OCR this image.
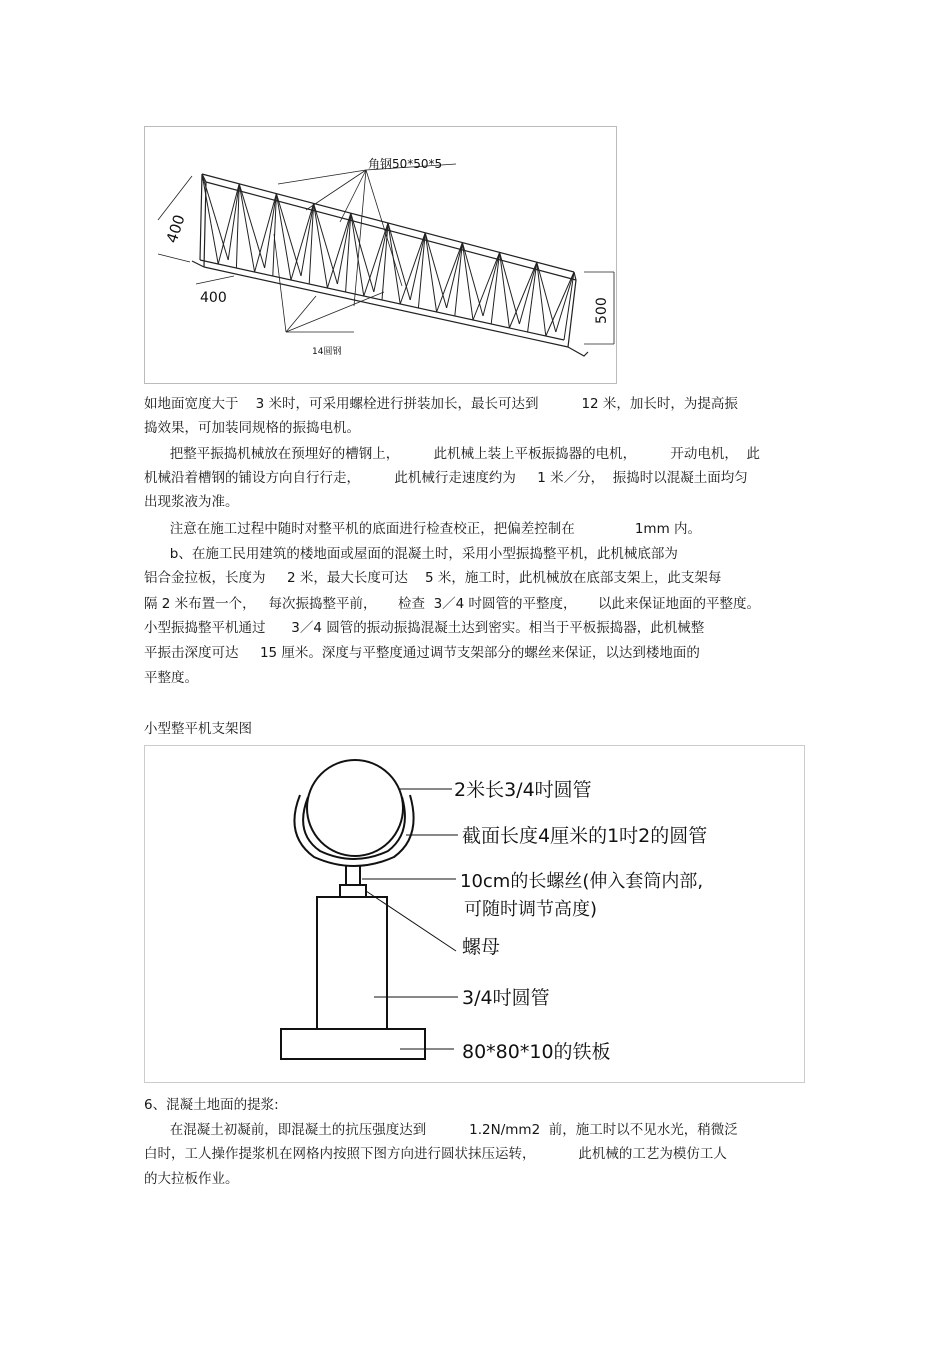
角钢50*50*5
14圆钢
400
400	500
如地面宽度大于    3 米时，可采用螺栓进行拼装加长，最长可达到          12 米，加长时，为提高振
捣效果，可加装同规格的振捣电机。
把整平振捣机械放在预埋好的槽钢上，        此机械上装上平板振捣器的电机，        开动电机，  此
机械沿着槽钢的铺设方向自行行走，        此机械行走速度约为     1 米／分，  振捣时以混凝土面均匀
出现浆液为准。
注意在施工过程中随时对整平机的底面进行检查校正，把偏差控制在              1mm 内。
b、在施工民用建筑的楼地面或屋面的混凝土时，采用小型振捣整平机，此机械底部为
铝合金拉板，长度为     2 米，最大长度可达    5 米，施工时，此机械放在底部支架上，此支架每
隔 2 米布置一个，   每次振捣整平前，     检查  3／4 吋圆管的平整度，     以此来保证地面的平整度。
小型振捣整平机通过      3／4 圆管的振动振捣混凝土达到密实。相当于平板振捣器，此机械整
平振击深度可达     15 厘米。深度与平整度通过调节支架部分的螺丝来保证，以达到楼地面的
平整度。
小型整平机支架图
2米长3/4吋圆管
截面长度4厘米的1吋2的圆管
10cm的长螺丝(伸入套筒内部,
可随时调节高度)
螺母
3/4吋圆管
80*80*10的铁板
6、混凝土地面的提浆:
在混凝土初凝前，即混凝土的抗压强度达到          1.2N/mm2  前，施工时以不见水光，稍微泛
白时，工人操作提浆机在网格内按照下图方向进行圆状抹压运转，          此机械的工艺为模仿工人
的大拉板作业。
